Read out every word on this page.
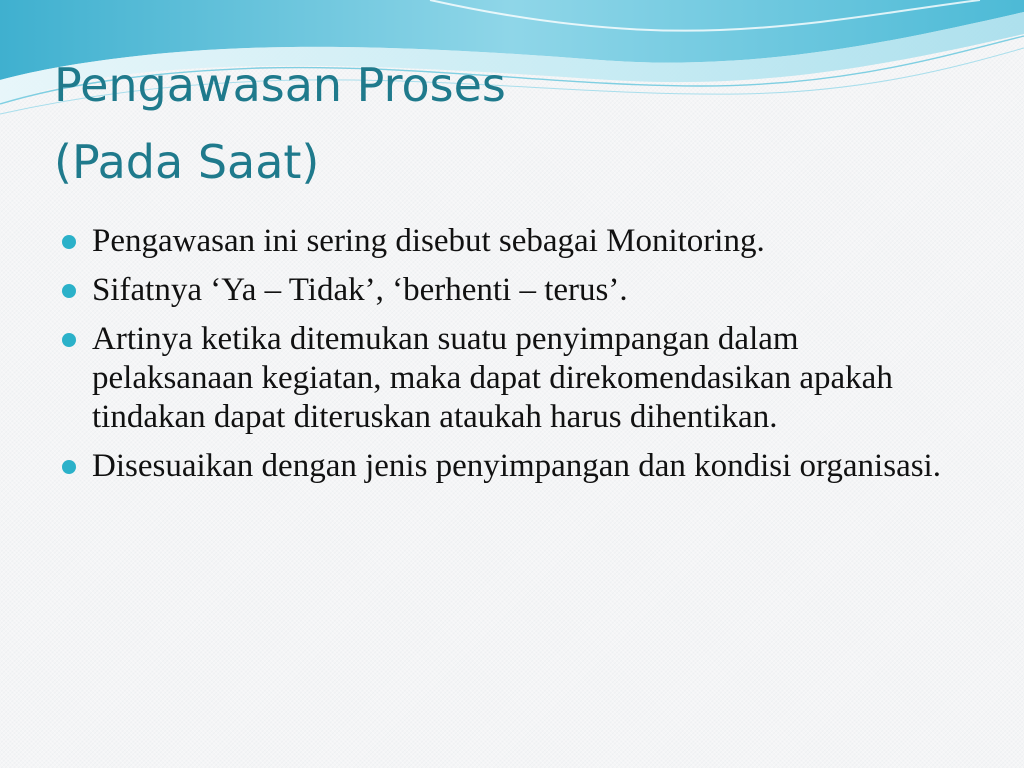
Pengawasan Proses
(Pada Saat)
Pengawasan ini sering disebut sebagai Monitoring.
Sifatnya ‘Ya – Tidak’, ‘berhenti – terus’.
Artinya ketika ditemukan suatu penyimpangan dalam pelaksanaan kegiatan, maka dapat direkomendasikan apakah tindakan dapat diteruskan ataukah harus dihentikan.
Disesuaikan dengan jenis penyimpangan dan kondisi organisasi.
